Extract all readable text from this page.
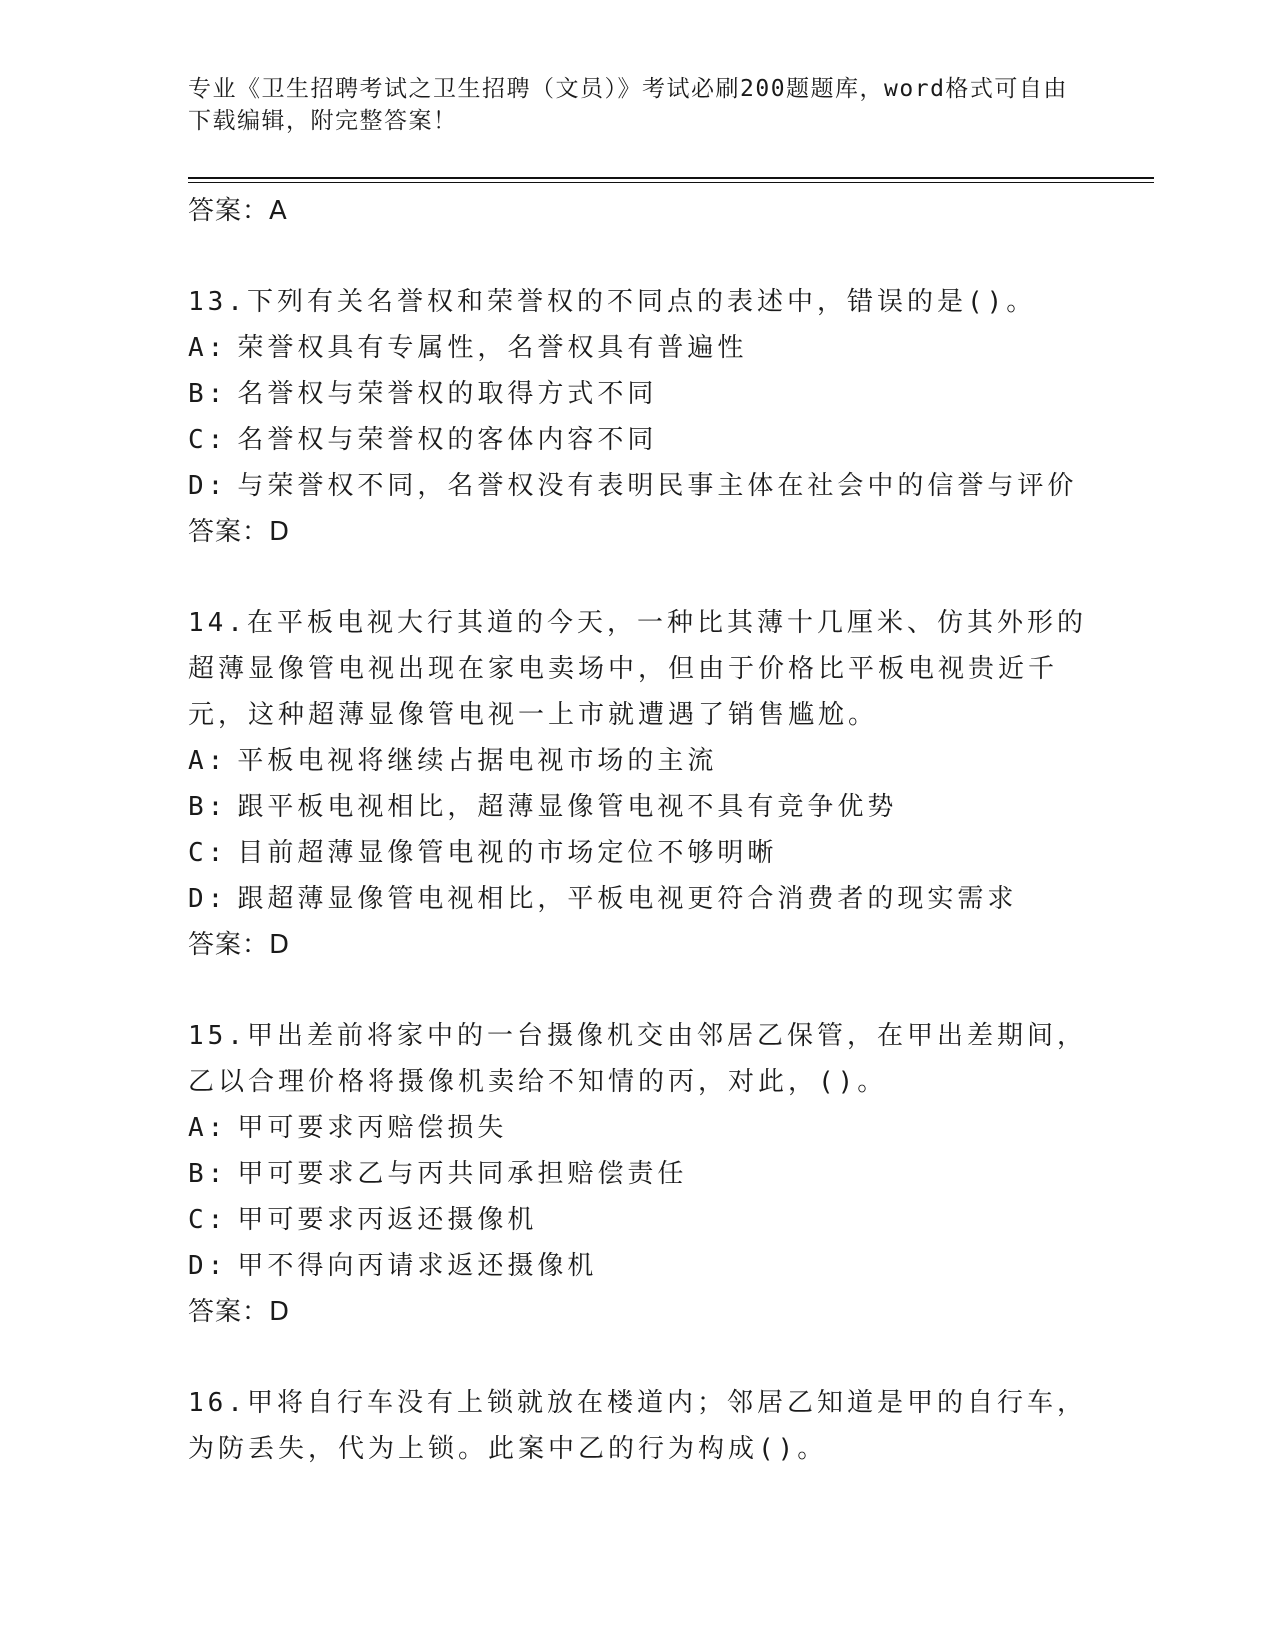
专业《卫生招聘考试之卫生招聘（文员）》考试必刷200题题库，word格式可自由下载编辑，附完整答案！
答案：A
13.下列有关名誉权和荣誉权的不同点的表述中，错误的是()。
A: 荣誉权具有专属性，名誉权具有普遍性
B: 名誉权与荣誉权的取得方式不同
C: 名誉权与荣誉权的客体内容不同
D: 与荣誉权不同，名誉权没有表明民事主体在社会中的信誉与评价
答案：D
14.在平板电视大行其道的今天，一种比其薄十几厘米、仿其外形的超薄显像管电视出现在家电卖场中，但由于价格比平板电视贵近千元，这种超薄显像管电视一上市就遭遇了销售尴尬。
A: 平板电视将继续占据电视市场的主流
B: 跟平板电视相比，超薄显像管电视不具有竞争优势
C: 目前超薄显像管电视的市场定位不够明晰
D: 跟超薄显像管电视相比，平板电视更符合消费者的现实需求
答案：D
15.甲出差前将家中的一台摄像机交由邻居乙保管，在甲出差期间，乙以合理价格将摄像机卖给不知情的丙，对此，()。
A: 甲可要求丙赔偿损失
B: 甲可要求乙与丙共同承担赔偿责任
C: 甲可要求丙返还摄像机
D: 甲不得向丙请求返还摄像机
答案：D
16.甲将自行车没有上锁就放在楼道内；邻居乙知道是甲的自行车，为防丢失，代为上锁。此案中乙的行为构成()。
